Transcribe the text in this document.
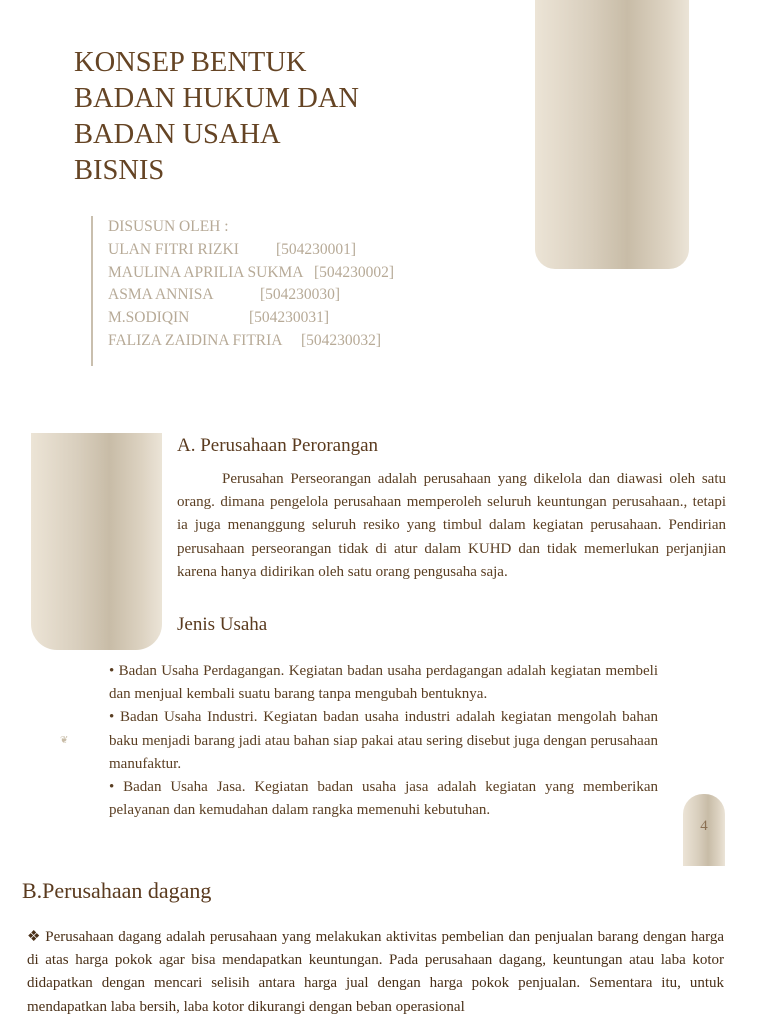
KONSEP BENTUK
BADAN HUKUM DAN
BADAN USAHA
BISNIS
DISUSUN OLEH :
ULAN FITRI RIZKI [504230001]
MAULINA APRILIA SUKMA [504230002]
ASMA ANNISA	[504230030]
M.SODIQIN	[504230031]
FALIZA ZAIDINA FITRIA [504230032]
A. Perusahaan Perorangan
Perusahan Perseorangan adalah perusahaan yang dikelola dan diawasi oleh satu orang. dimana pengelola perusahaan memperoleh seluruh keuntungan perusahaan., tetapi ia juga menanggung seluruh resiko yang timbul dalam kegiatan perusahaan. Pendirian perusahaan perseorangan tidak di atur dalam KUHD dan tidak memerlukan perjanjian karena hanya didirikan oleh satu orang pengusaha saja.
Jenis Usaha

• Badan Usaha Perdagangan. Kegiatan badan usaha perdagangan adalah kegiatan membeli dan menjual kembali suatu barang tanpa mengubah bentuknya.

• Badan Usaha Industri. Kegiatan badan usaha industri adalah kegiatan mengolah bahan baku menjadi barang jadi atau bahan siap pakai atau sering disebut juga dengan perusahaan manufaktur.

• Badan Usaha Jasa. Kegiatan badan usaha jasa adalah kegiatan yang memberikan pelayanan dan kemudahan dalam rangka memenuhi kebutuhan.

❦
4
B.Perusahaan dagang
❖ Perusahaan dagang adalah perusahaan yang melakukan aktivitas pembelian dan penjualan barang dengan harga di atas harga pokok agar bisa mendapatkan keuntungan. Pada perusahaan dagang, keuntungan atau laba kotor didapatkan dengan mencari selisih antara harga jual dengan harga pokok penjualan. Sementara itu, untuk mendapatkan laba bersih, laba kotor dikurangi dengan beban operasional
